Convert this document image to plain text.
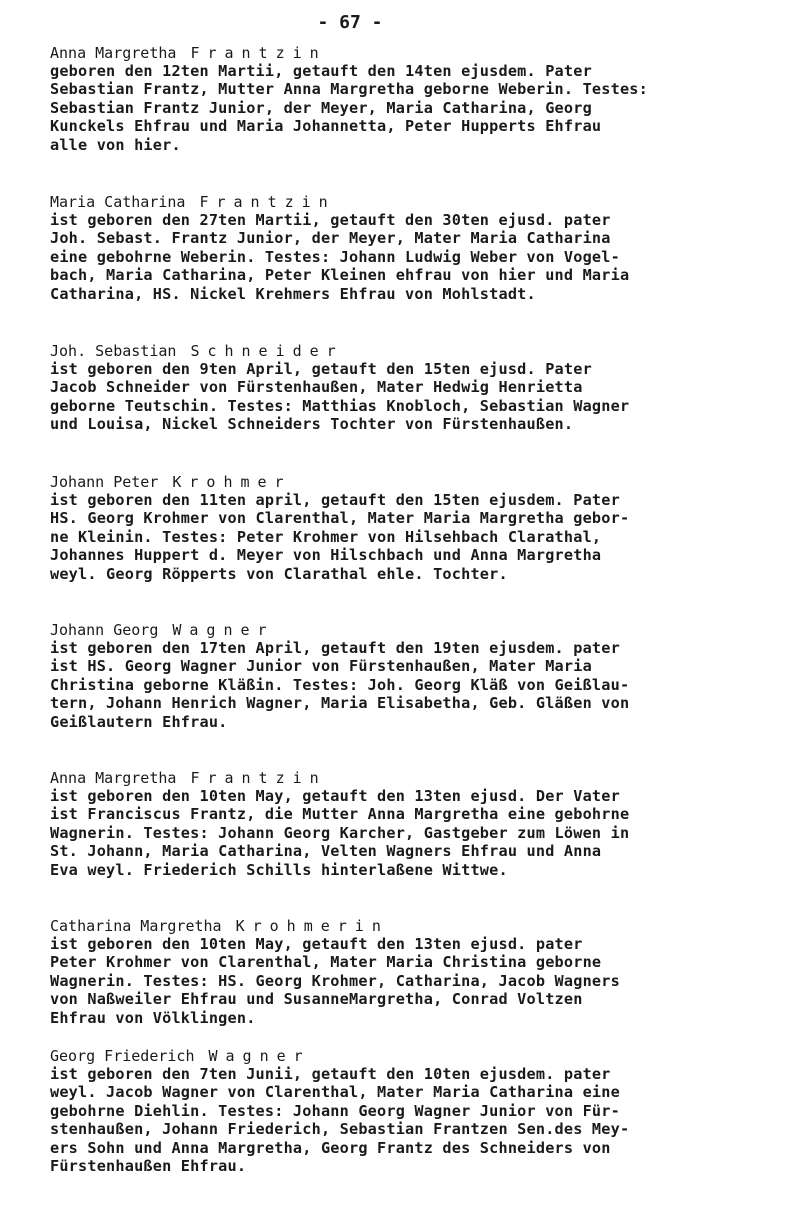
- 67 -
Anna Margretha Frantzin
geboren den 12ten Martii, getauft den 14ten ejusdem. Pater
Sebastian Frantz, Mutter Anna Margretha geborne Weberin. Testes:
Sebastian Frantz Junior, der Meyer, Maria Catharina, Georg
Kunckels Ehfrau und Maria Johannetta, Peter Hupperts Ehfrau
alle von hier.
Maria Catharina Frantzin
ist geboren den 27ten Martii, getauft den 30ten ejusd. pater
Joh. Sebast. Frantz Junior, der Meyer, Mater Maria Catharina
eine gebohrne Weberin. Testes: Johann Ludwig Weber von Vogel-
bach, Maria Catharina, Peter Kleinen ehfrau von hier und Maria
Catharina, HS. Nickel Krehmers Ehfrau von Mohlstadt.
Joh. Sebastian Schneider
ist geboren den 9ten April, getauft den 15ten ejusd. Pater
Jacob Schneider von Fürstenhaußen, Mater Hedwig Henrietta
geborne Teutschin. Testes: Matthias Knobloch, Sebastian Wagner
und Louisa, Nickel Schneiders Tochter von Fürstenhaußen.
Johann Peter Krohmer
ist geboren den 11ten april, getauft den 15ten ejusdem. Pater
HS. Georg Krohmer von Clarenthal, Mater Maria Margretha gebor-
ne Kleinin. Testes: Peter Krohmer von Hilsehbach Clarathal,
Johannes Huppert d. Meyer von Hilschbach und Anna Margretha
weyl. Georg Röpperts von Clarathal ehle. Tochter.
Johann Georg Wagner
ist geboren den 17ten April, getauft den 19ten ejusdem. pater
ist HS. Georg Wagner Junior von Fürstenhaußen, Mater Maria
Christina geborne Kläßin. Testes: Joh. Georg Kläß von Geißlau-
tern, Johann Henrich Wagner, Maria Elisabetha, Geb. Gläßen von
Geißlautern Ehfrau.
Anna Margretha Frantzin
ist geboren den 10ten May, getauft den 13ten ejusd. Der Vater
ist Franciscus Frantz, die Mutter Anna Margretha eine gebohrne
Wagnerin. Testes: Johann Georg Karcher, Gastgeber zum Löwen in
St. Johann, Maria Catharina, Velten Wagners Ehfrau und Anna
Eva weyl. Friederich Schills hinterlaßene Wittwe.
Catharina Margretha Krohmerin
ist geboren den 10ten May, getauft den 13ten ejusd. pater
Peter Krohmer von Clarenthal, Mater Maria Christina geborne
Wagnerin. Testes: HS. Georg Krohmer, Catharina, Jacob Wagners
von Naßweiler Ehfrau und SusanneMargretha, Conrad Voltzen
Ehfrau von Völklingen.
Georg Friederich Wagner
ist geboren den 7ten Junii, getauft den 10ten ejusdem. pater
weyl. Jacob Wagner von Clarenthal, Mater Maria Catharina eine
gebohrne Diehlin. Testes: Johann Georg Wagner Junior von Für-
stenhaußen, Johann Friederich, Sebastian Frantzen Sen.des Mey-
ers Sohn und Anna Margretha, Georg Frantz des Schneiders von
Fürstenhaußen Ehfrau.
